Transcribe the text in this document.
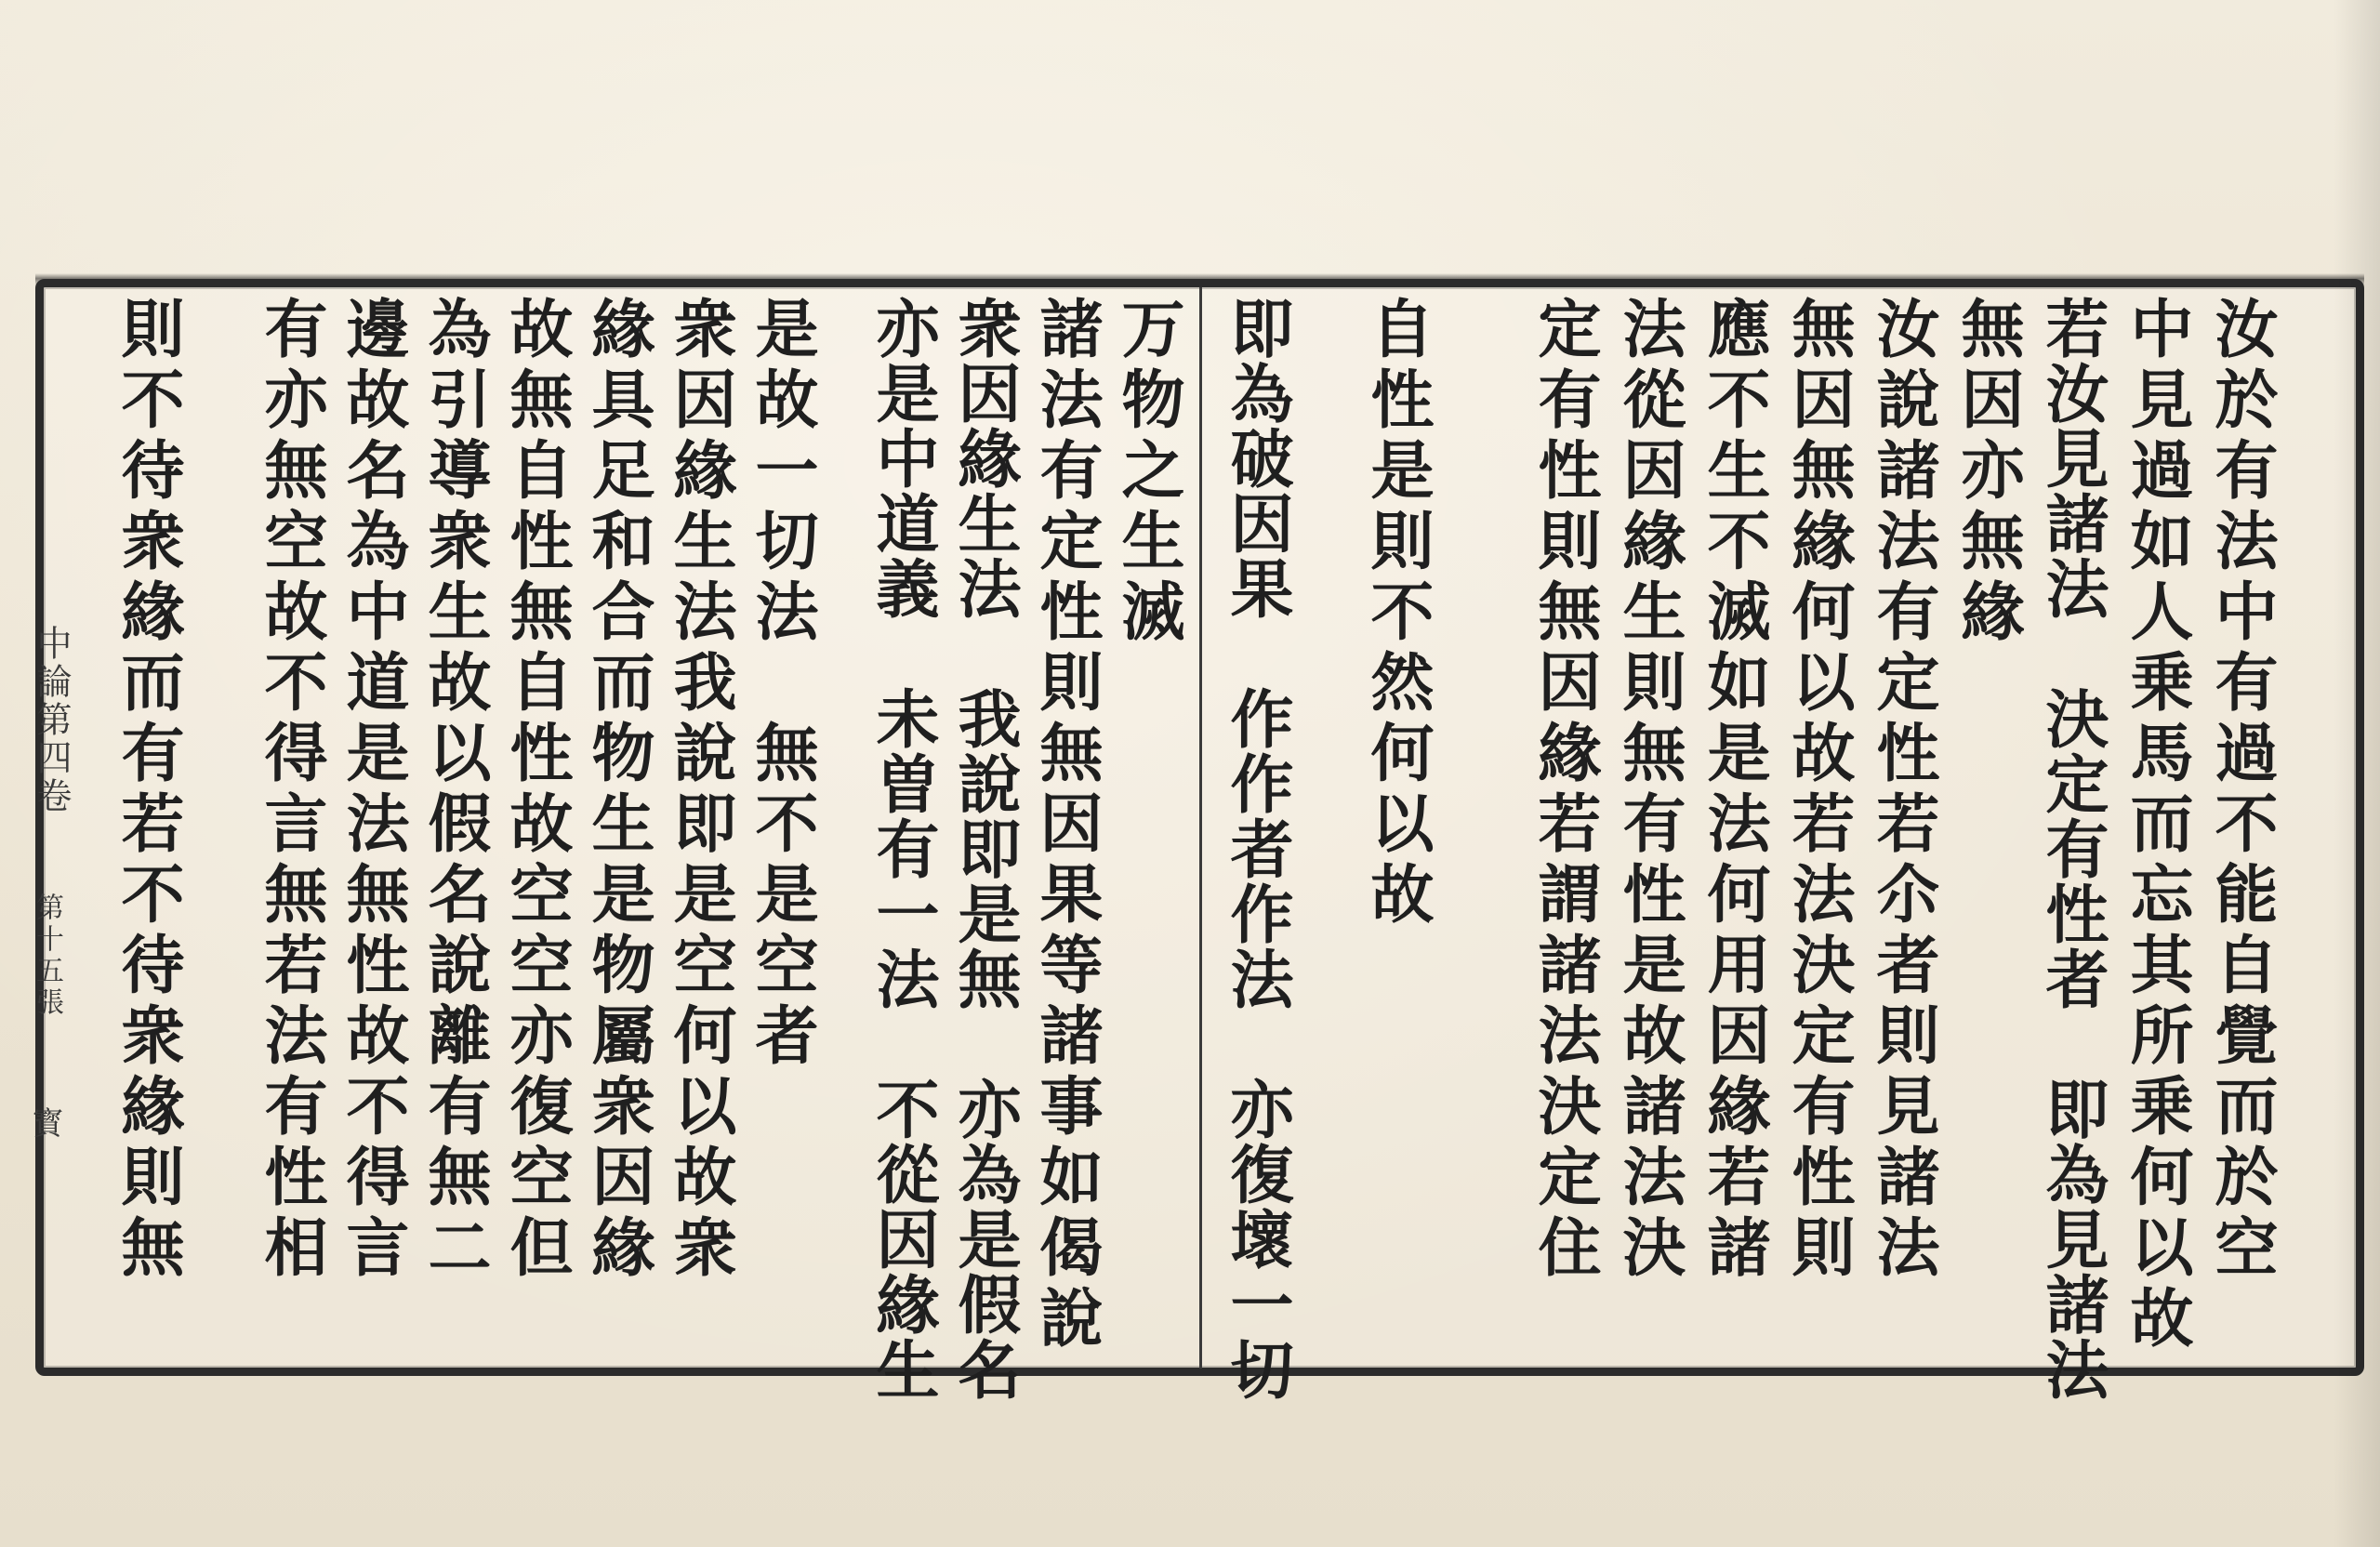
汝於有法中有過不能自覺而於空
中見過如人乗馬而忘其所乗何以故
若汝見諸法　決定有性者　即為見諸法
無因亦無緣
汝說諸法有定性若尒者則見諸法
無因無緣何以故若法決定有性則
應不生不滅如是法何用因緣若諸
法從因緣生則無有性是故諸法決
定有性則無因緣若謂諸法決定住
自性是則不然何以故
即為破因果　作作者作法　亦復壞一切
万物之生滅
諸法有定性則無因果等諸事如偈說
衆因緣生法　我說即是無　亦為是假名
亦是中道義　未曽有一法　不從因緣生
是故一切法　無不是空者
衆因緣生法我說即是空何以故衆
緣具足和合而物生是物屬衆因緣
故無自性無自性故空空亦復空但
為引導衆生故以假名說離有無二
邊故名為中道是法無性故不得言
有亦無空故不得言無若法有性相
則不待衆緣而有若不待衆緣則無
中論第四卷
第十五張
寳
